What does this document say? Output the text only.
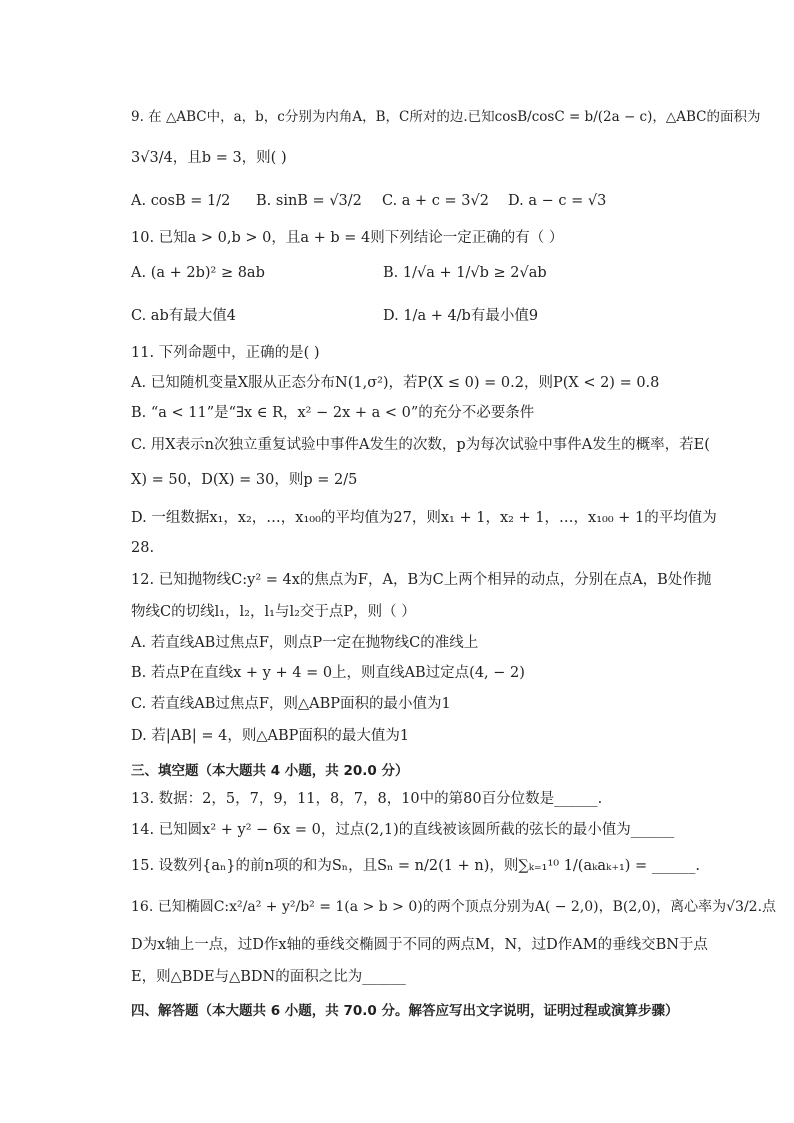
9. 在 △ABC中，a，b，c分别为内角A，B，C所对的边.已知cosB/cosC = b/(2a − c)，△ABC的面积为
3√3/4，且b = 3，则( )
A. cosB = 1/2 B. sinB = √3/2 C. a + c = 3√2 D. a − c = √3
10. 已知a > 0,b > 0，且a + b = 4则下列结论一定正确的有（ ）
A. (a + 2b)² ≥ 8ab	B. 1/√a + 1/√b ≥ 2√ab
C. ab有最大值4	D. 1/a + 4/b有最小值9
11. 下列命题中，正确的是( )
A. 已知随机变量X服从正态分布N(1,σ²)，若P(X ≤ 0) = 0.2，则P(X < 2) = 0.8
B. “a < 11”是“∃x ∈ R，x² − 2x + a < 0”的充分不必要条件
C. 用X表示n次独立重复试验中事件A发生的次数，p为每次试验中事件A发生的概率，若E(
X) = 50，D(X) = 30，则p = 2/5
D. 一组数据x₁，x₂，…，x₁₀₀的平均值为27，则x₁ + 1，x₂ + 1，…，x₁₀₀ + 1的平均值为
28.
12. 已知抛物线C:y² = 4x的焦点为F，A，B为C上两个相异的动点，分别在点A，B处作抛
物线C的切线l₁，l₂，l₁与l₂交于点P，则（ ）
A. 若直线AB过焦点F，则点P一定在抛物线C的准线上
B. 若点P在直线x + y + 4 = 0上，则直线AB过定点(4, − 2)
C. 若直线AB过焦点F，则△ABP面积的最小值为1
D. 若|AB| = 4，则△ABP面积的最大值为1
三、填空题（本大题共 4 小题，共 20.0 分）
13. 数据：2，5，7，9，11，8，7，8，10中的第80百分位数是______.
14. 已知圆x² + y² − 6x = 0，过点(2,1)的直线被该圆所截的弦长的最小值为______
15. 设数列{aₙ}的前n项的和为Sₙ，且Sₙ = n/2(1 + n)，则∑ₖ₌₁¹⁰ 1/(aₖaₖ₊₁) = ______.
16. 已知椭圆C:x²/a² + y²/b² = 1(a > b > 0)的两个顶点分别为A( − 2,0)，B(2,0)，离心率为√3/2.点
D为x轴上一点，过D作x轴的垂线交椭圆于不同的两点M，N，过D作AM的垂线交BN于点
E，则△BDE与△BDN的面积之比为______
四、解答题（本大题共 6 小题，共 70.0 分。解答应写出文字说明，证明过程或演算步骤）
